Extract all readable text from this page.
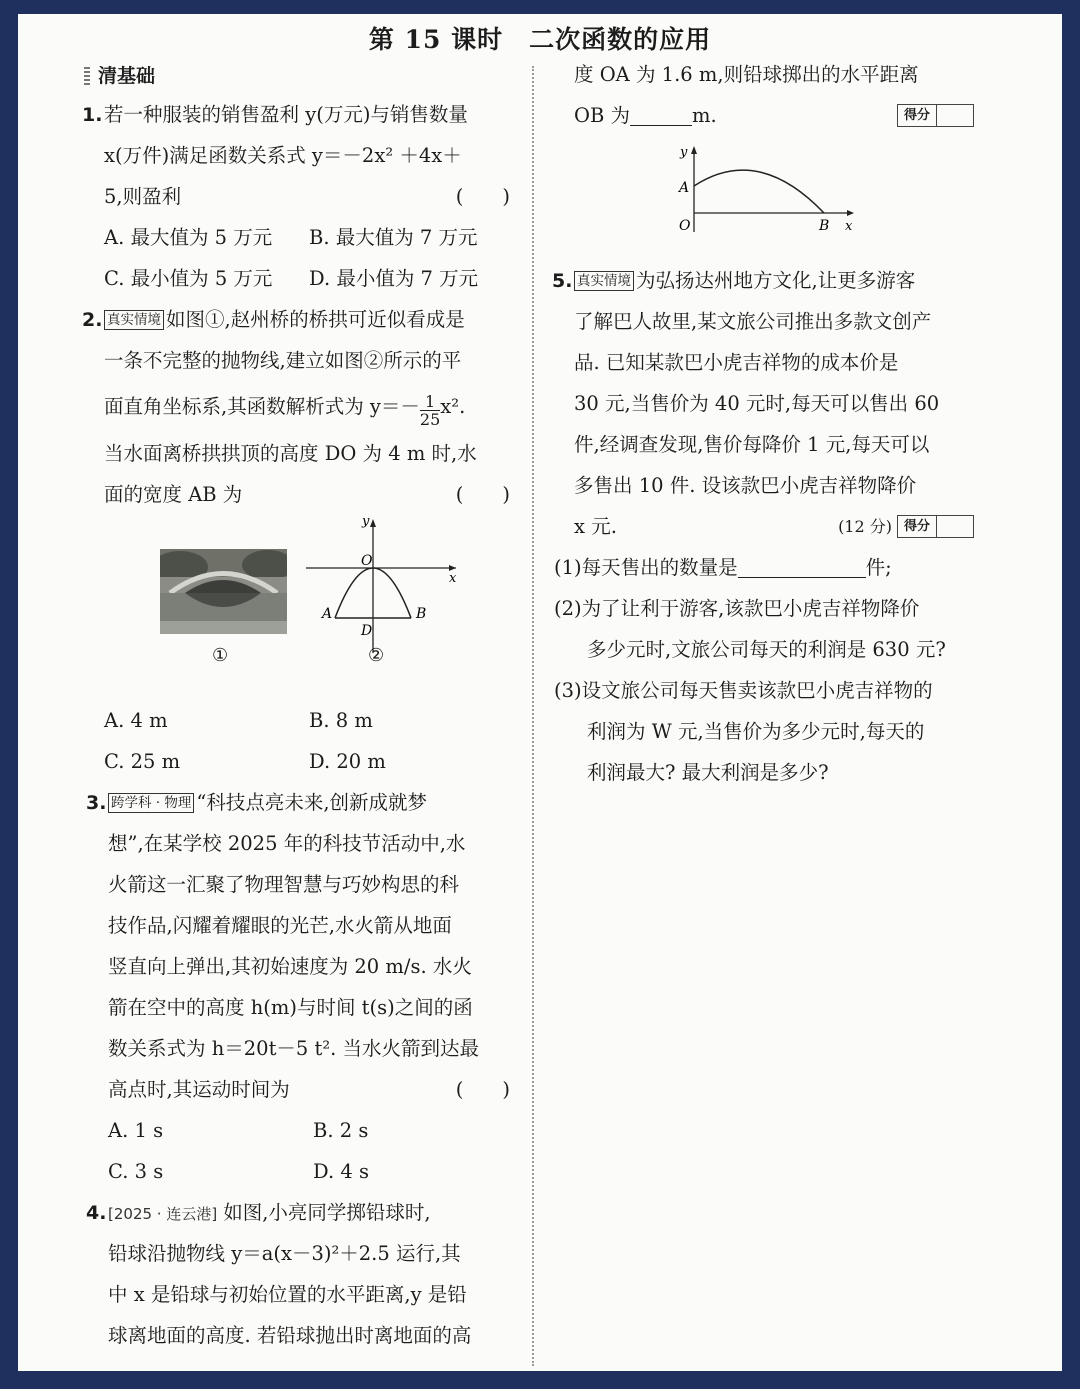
第 15 课时 二次函数的应用
清基础
1.若一种服装的销售盈利 y(万元)与销售数量
x(万件)满足函数关系式 y＝－2x² ＋4x＋
5,则盈利	(　　)
A. 最大值为 5 万元 B. 最大值为 7 万元
C. 最小值为 5 万元 D. 最小值为 7 万元
2. 真实情境 如图①,赵州桥的桥拱可近似看成是
一条不完整的抛物线,建立如图②所示的平
面直角坐标系,其函数解析式为 $y=- \frac{1}{25} x^2$.
当水面离桥拱拱顶的高度 DO 为 4 m 时,水
面的宽度 AB 为	(　　)
①
y
x
O
A	B
D
②
A. 4 m	B. 8 m
C. 25 m	D. 20 m
3. 跨学科 · 物理 “科技点亮未来,创新成就梦
想”,在某学校 2025 年的科技节活动中,水
火箭这一汇聚了物理智慧与巧妙构思的科
技作品,闪耀着耀眼的光芒,水火箭从地面
竖直向上弹出,其初始速度为 20 m/s. 水火
箭在空中的高度 h(m)与时间 t(s)之间的函
数关系式为 h＝20t－5 t². 当水火箭到达最
高点时,其运动时间为	(　　)
A. 1 s	B. 2 s
C. 3 s	D. 4 s
4. [2025 · 连云港] 如图,小亮同学掷铅球时,
铅球沿抛物线 y＝a(x－3)²＋2.5 运行,其
中 x 是铅球与初始位置的水平距离,y 是铅
球离地面的高度. 若铅球抛出时离地面的高
度 OA 为 1.6 m,则铅球掷出的水平距离
OB 为	m.	得分
y
x
O
A
B
5. 真实情境 为弘扬达州地方文化,让更多游客
了解巴人故里,某文旅公司推出多款文创产
品. 已知某款巴小虎吉祥物的成本价是
30 元,当售价为 40 元时,每天可以售出 60
件,经调查发现,售价每降价 1 元,每天可以
多售出 10 件. 设该款巴小虎吉祥物降价
x 元.	(12 分) 得分
(1)每天售出的数量是	件;
(2)为了让利于游客,该款巴小虎吉祥物降价
多少元时,文旅公司每天的利润是 630 元?
(3)设文旅公司每天售卖该款巴小虎吉祥物的
利润为 W 元,当售价为多少元时,每天的
利润最大? 最大利润是多少?
